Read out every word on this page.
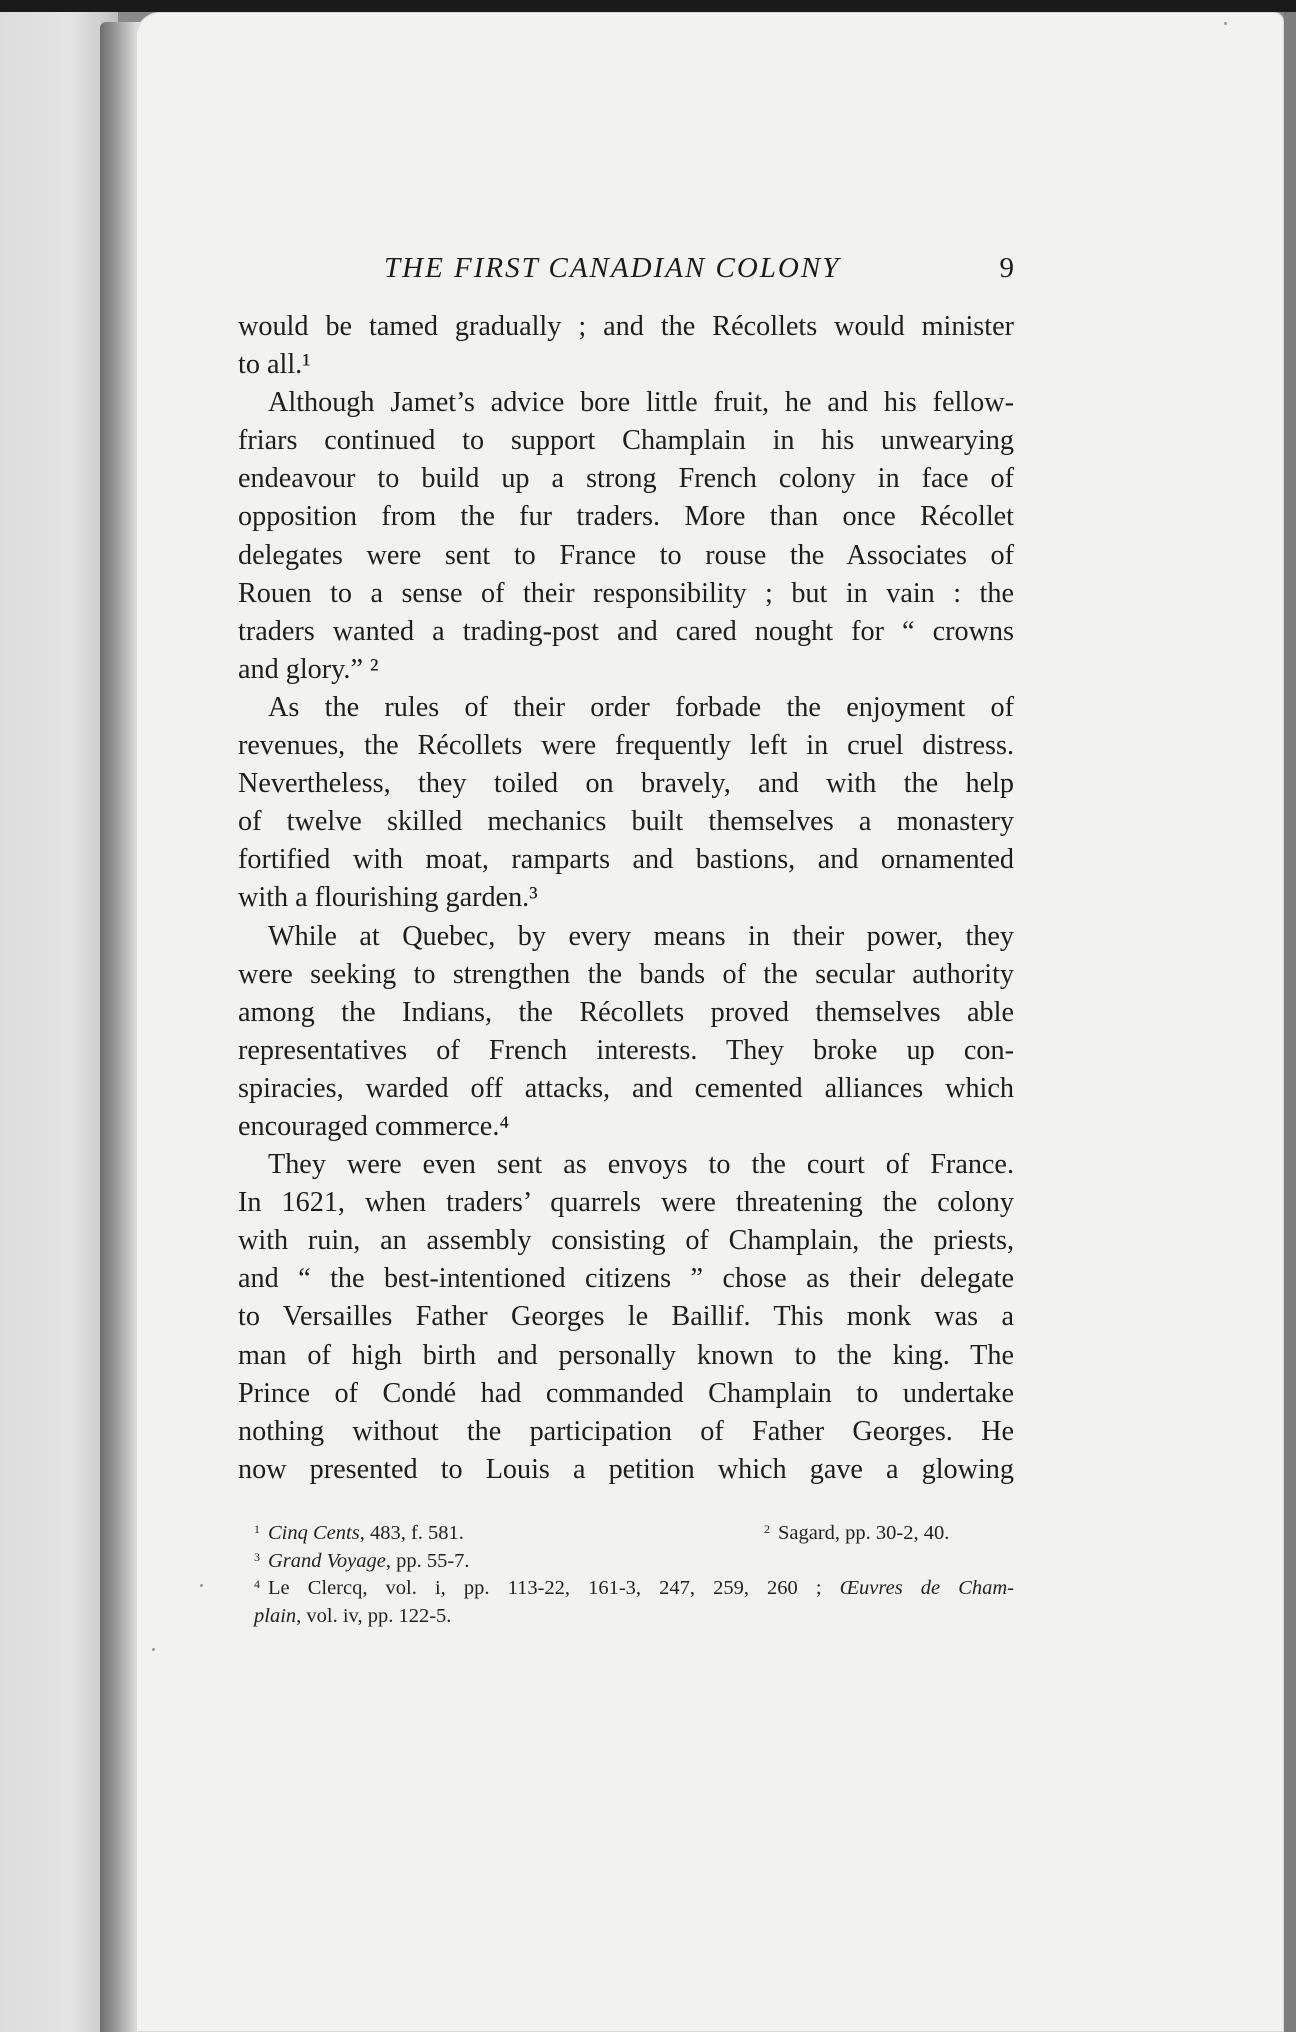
THE FIRST CANADIAN COLONY	9
would be tamed gradually ; and the Récollets would minister
to all.¹
Although Jamet’s advice bore little fruit, he and his fellow-
friars continued to support Champlain in his unwearying
endeavour to build up a strong French colony in face of
opposition from the fur traders. More than once Récollet
delegates were sent to France to rouse the Associates of
Rouen to a sense of their responsibility ; but in vain : the
traders wanted a trading-post and cared nought for “ crowns
and glory.” ²
As the rules of their order forbade the enjoyment of
revenues, the Récollets were frequently left in cruel distress.
Nevertheless, they toiled on bravely, and with the help
of twelve skilled mechanics built themselves a monastery
fortified with moat, ramparts and bastions, and ornamented
with a flourishing garden.³
While at Quebec, by every means in their power, they
were seeking to strengthen the bands of the secular authority
among the Indians, the Récollets proved themselves able
representatives of French interests. They broke up con-
spiracies, warded off attacks, and cemented alliances which
encouraged commerce.⁴
They were even sent as envoys to the court of France.
In 1621, when traders’ quarrels were threatening the colony
with ruin, an assembly consisting of Champlain, the priests,
and “ the best-intentioned citizens ” chose as their delegate
to Versailles Father Georges le Baillif. This monk was a
man of high birth and personally known to the king. The
Prince of Condé had commanded Champlain to undertake
nothing without the participation of Father Georges. He
now presented to Louis a petition which gave a glowing
$^1$ Cinq Cents, 483, f. 581.	$^2$ Sagard, pp. 30-2, 40.
$^3$ Grand Voyage, pp. 55-7.
$^4$ Le Clercq, vol. i, pp. 113-22, 161-3, 247, 259, 260 ; Œuvres de Cham-
plain, vol. iv, pp. 122-5.
